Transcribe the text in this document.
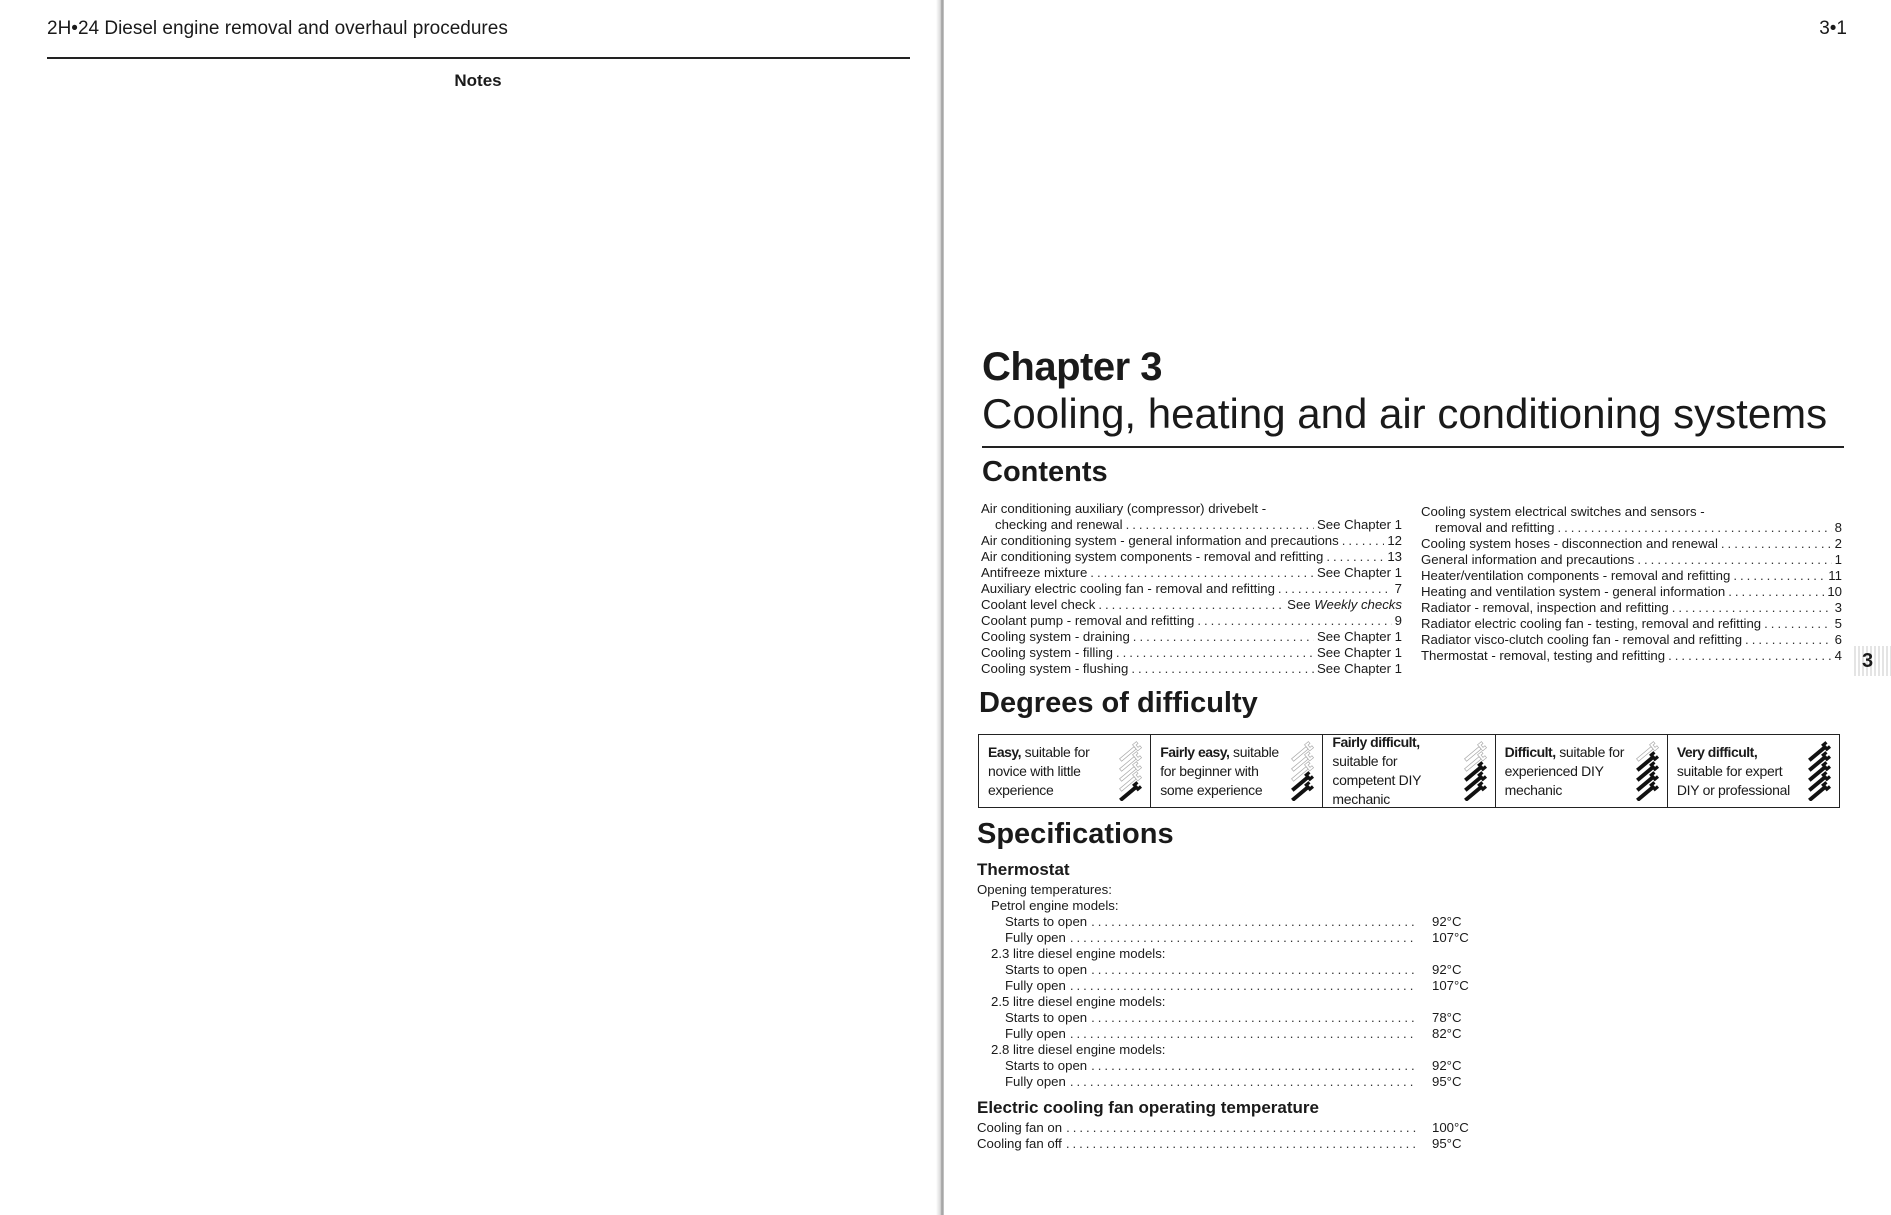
2H•24 Diesel engine removal and overhaul procedures
Notes
3•1
Chapter 3
Cooling, heating and air conditioning systems
Contents
Air conditioning auxiliary (compressor) drivebelt -
checking and renewal .....	See Chapter 1
Air conditioning system - general information and precautions .....	12
Air conditioning system components - removal and refitting .....	13
Antifreeze mixture .....	See Chapter 1
Auxiliary electric cooling fan - removal and refitting .....	7
Coolant level check .....	See Weekly checks
Coolant pump - removal and refitting .....	9
Cooling system - draining .....	See Chapter 1
Cooling system - filling .....	See Chapter 1
Cooling system - flushing .....	See Chapter 1
Cooling system electrical switches and sensors -
removal and refitting .....	8
Cooling system hoses - disconnection and renewal .....	2
General information and precautions .....	1
Heater/ventilation components - removal and refitting .....	11
Heating and ventilation system - general information .....	10
Radiator - removal, inspection and refitting .....	3
Radiator electric cooling fan - testing, removal and refitting .....	5
Radiator visco-clutch cooling fan - removal and refitting .....	6
Thermostat - removal, testing and refitting .....	4	3
Degrees of difficulty
Easy, suitable for novice with little experience
Fairly easy, suitable for beginner with some experience
Fairly difficult, suitable for competent DIY mechanic
Difficult, suitable for experienced DIY mechanic
Very difficult, suitable for expert DIY or professional
Specifications
Thermostat
Opening temperatures:
Petrol engine models:
Starts to open .....	92°C
Fully open .....	107°C
2.3 litre diesel engine models:
Starts to open .....	92°C
Fully open .....	107°C
2.5 litre diesel engine models:
Starts to open .....	78°C
Fully open .....	82°C
2.8 litre diesel engine models:
Starts to open .....	92°C
Fully open .....	95°C
Electric cooling fan operating temperature
Cooling fan on .....	100°C
Cooling fan off .....	95°C
